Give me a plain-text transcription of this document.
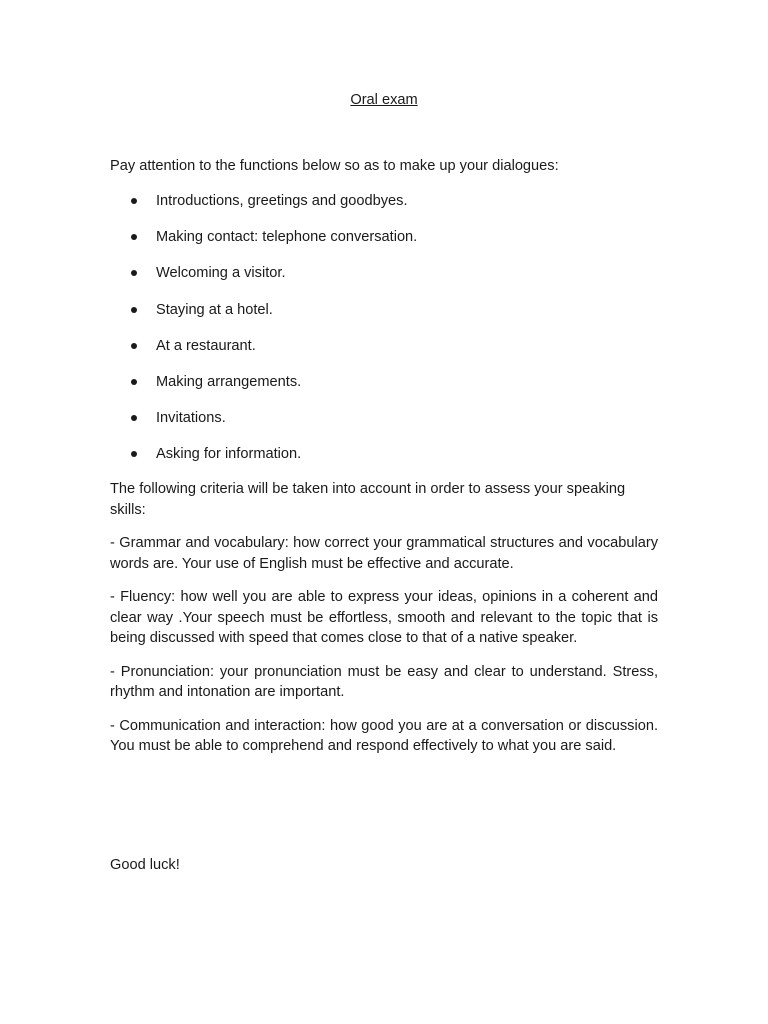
Oral exam

Pay attention to the functions below so as to make up your dialogues:

Introductions, greetings and goodbyes.
Making contact: telephone conversation.
Welcoming a visitor.
Staying at a hotel.
At a restaurant.
Making arrangements.
Invitations.
Asking for information.

The following criteria will be taken into account in order to assess your speaking skills:

- Grammar and vocabulary: how correct your grammatical structures and vocabulary words are. Your use of English must be effective and accurate.

- Fluency: how well you are able to express your ideas, opinions in a coherent and clear way .Your speech must be effortless, smooth and relevant to the topic that is being discussed with speed that comes close to that of a native speaker.

- Pronunciation: your pronunciation must be easy and clear to understand. Stress, rhythm and intonation are important.

- Communication and interaction: how good you are at a conversation or discussion. You must be able to comprehend and respond effectively to what you are said.

Good luck!
